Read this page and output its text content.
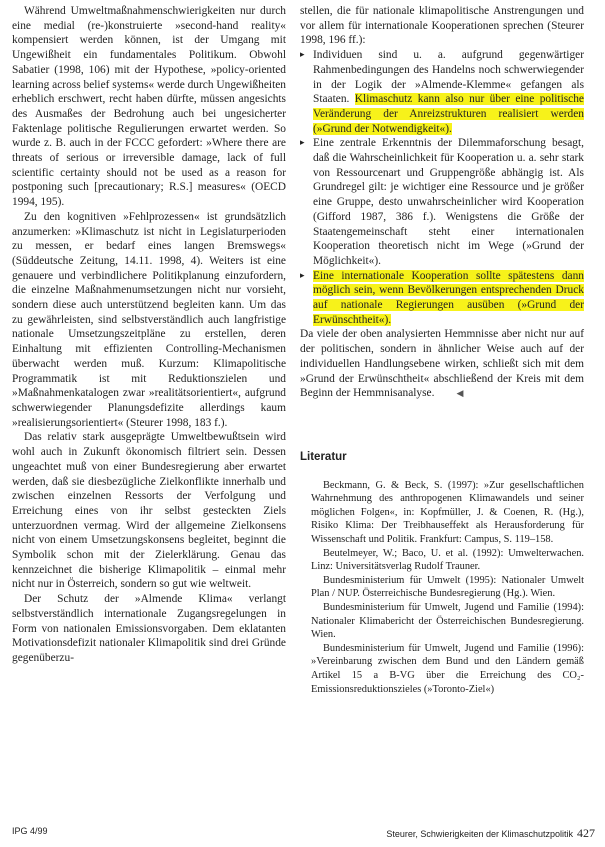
Während Umweltmaßnahmenschwierigkeiten nur durch eine medial (re-)konstruierte »second-hand reality« kompensiert werden können, ist der Umgang mit Ungewißheit ein fundamentales Politikum. Obwohl Sabatier (1998, 106) mit der Hypothese, »policy-oriented learning across belief systems« werde durch Ungewißheiten erheblich erschwert, recht haben dürfte, müssen angesichts des Ausmaßes der Bedrohung auch bei ungesicherter Faktenlage politische Regulierungen erwartet werden. So wurde z. B. auch in der FCCC gefordert: »Where there are threats of serious or irreversible damage, lack of full scientific certainty should not be used as a reason for postponing such [precautionary; R.S.] measures« (OECD 1994, 195).

Zu den kognitiven »Fehlprozessen« ist grundsätzlich anzumerken: »Klimaschutz ist nicht in Legislaturperioden zu messen, er bedarf eines langen Bremswegs« (Süddeutsche Zeitung, 14.11. 1998, 4). Weiters ist eine genauere und verbindlichere Politikplanung einzufordern, die einzelne Maßnahmenumsetzungen nicht nur vorsieht, sondern diese auch unterstützend begleiten kann. Um das zu gewährleisten, sind selbstverständlich auch langfristige nationale Umsetzungszeitpläne zu erstellen, deren Einhaltung mit effizienten Controlling-Mechanismen überwacht werden muß. Kurzum: Klimapolitische Programmatik ist mit Reduktionszielen und »Maßnahmenkatalogen zwar »realitätsorientiert«, aufgrund schwerwiegender Planungsdefizite allerdings kaum »realisierungsorientiert« (Steurer 1998, 183 f.).

Das relativ stark ausgeprägte Umweltbewußtsein wird wohl auch in Zukunft ökonomisch filtriert sein. Dessen ungeachtet muß von einer Bundesregierung aber erwartet werden, daß sie diesbezügliche Zielkonflikte innerhalb und zwischen einzelnen Ressorts der Verfolgung und Erreichung eines von ihr selbst gesteckten Ziels unterzuordnen vermag. Wird der allgemeine Zielkonsens nicht von einem Umsetzungskonsens begleitet, beginnt die Symbolik schon mit der Zielerklärung. Genau das kennzeichnet die bisherige Klimapolitik – einmal mehr nicht nur in Österreich, sondern so gut wie weltweit.

Der Schutz der »Almende Klima« verlangt selbstverständlich internationale Zugangsregelungen in Form von nationalen Emissionsvorgaben. Dem eklatanten Motivationsdefizit nationaler Klimapolitik sind drei Gründe gegenüberzu-

stellen, die für nationale klimapolitische Anstrengungen und vor allem für internationale Kooperationen sprechen (Steurer 1998, 196 ff.):

▸ Individuen sind u. a. aufgrund gegenwärtiger Rahmenbedingungen des Handelns noch schwerwiegender in der Logik der »Almende-Klemme« gefangen als Staaten. Klimaschutz kann also nur über eine politische Veränderung der Anreizstrukturen realisiert werden (»Grund der Notwendigkeit«).
▸ Eine zentrale Erkenntnis der Dilemmaforschung besagt, daß die Wahrscheinlichkeit für Kooperation u. a. sehr stark von Ressourcenart und Gruppengröße abhängig ist. Als Grundregel gilt: je wichtiger eine Ressource und je größer eine Gruppe, desto unwahrscheinlicher wird Kooperation (Gifford 1987, 386 f.). Wenigstens die Größe der Staatengemeinschaft steht einer internationalen Kooperation theoretisch nicht im Wege (»Grund der Möglichkeit«).
▸ Eine internationale Kooperation sollte spätestens dann möglich sein, wenn Bevölkerungen entsprechenden Druck auf nationale Regierungen ausüben (»Grund der Erwünschtheit«).

Da viele der oben analysierten Hemmnisse aber nicht nur auf der politischen, sondern in ähnlicher Weise auch auf der individuellen Handlungsebene wirken, schließt sich mit dem »Grund der Erwünschtheit« abschließend der Kreis mit dem Beginn der Hemmnisanalyse. ◀

Literatur

Beckmann, G. & Beck, S. (1997): »Zur gesellschaftlichen Wahrnehmung des anthropogenen Klimawandels und seiner möglichen Folgen«, in: Kopfmüller, J. & Coenen, R. (Hg.), Risiko Klima: Der Treibhauseffekt als Herausforderung für Wissenschaft und Politik. Frankfurt: Campus, S. 119–158.

Beutelmeyer, W.; Baco, U. et al. (1992): Umwelterwachen. Linz: Universitätsverlag Rudolf Trauner.

Bundesministerium für Umwelt (1995): Nationaler Umwelt Plan / NUP. Österreichische Bundesregierung (Hg.). Wien.

Bundesministerium für Umwelt, Jugend und Familie (1994): Nationaler Klimabericht der Österreichischen Bundesregierung. Wien.

Bundesministerium für Umwelt, Jugend und Familie (1996): »Vereinbarung zwischen dem Bund und den Ländern gemäß Artikel 15 a B-VG über die Erreichung des CO₂-Emissionsreduktionszieles (»Toronto-Ziel«)

IPG 4/99	Steurer, Schwierigkeiten der Klimaschutzpolitik 427
